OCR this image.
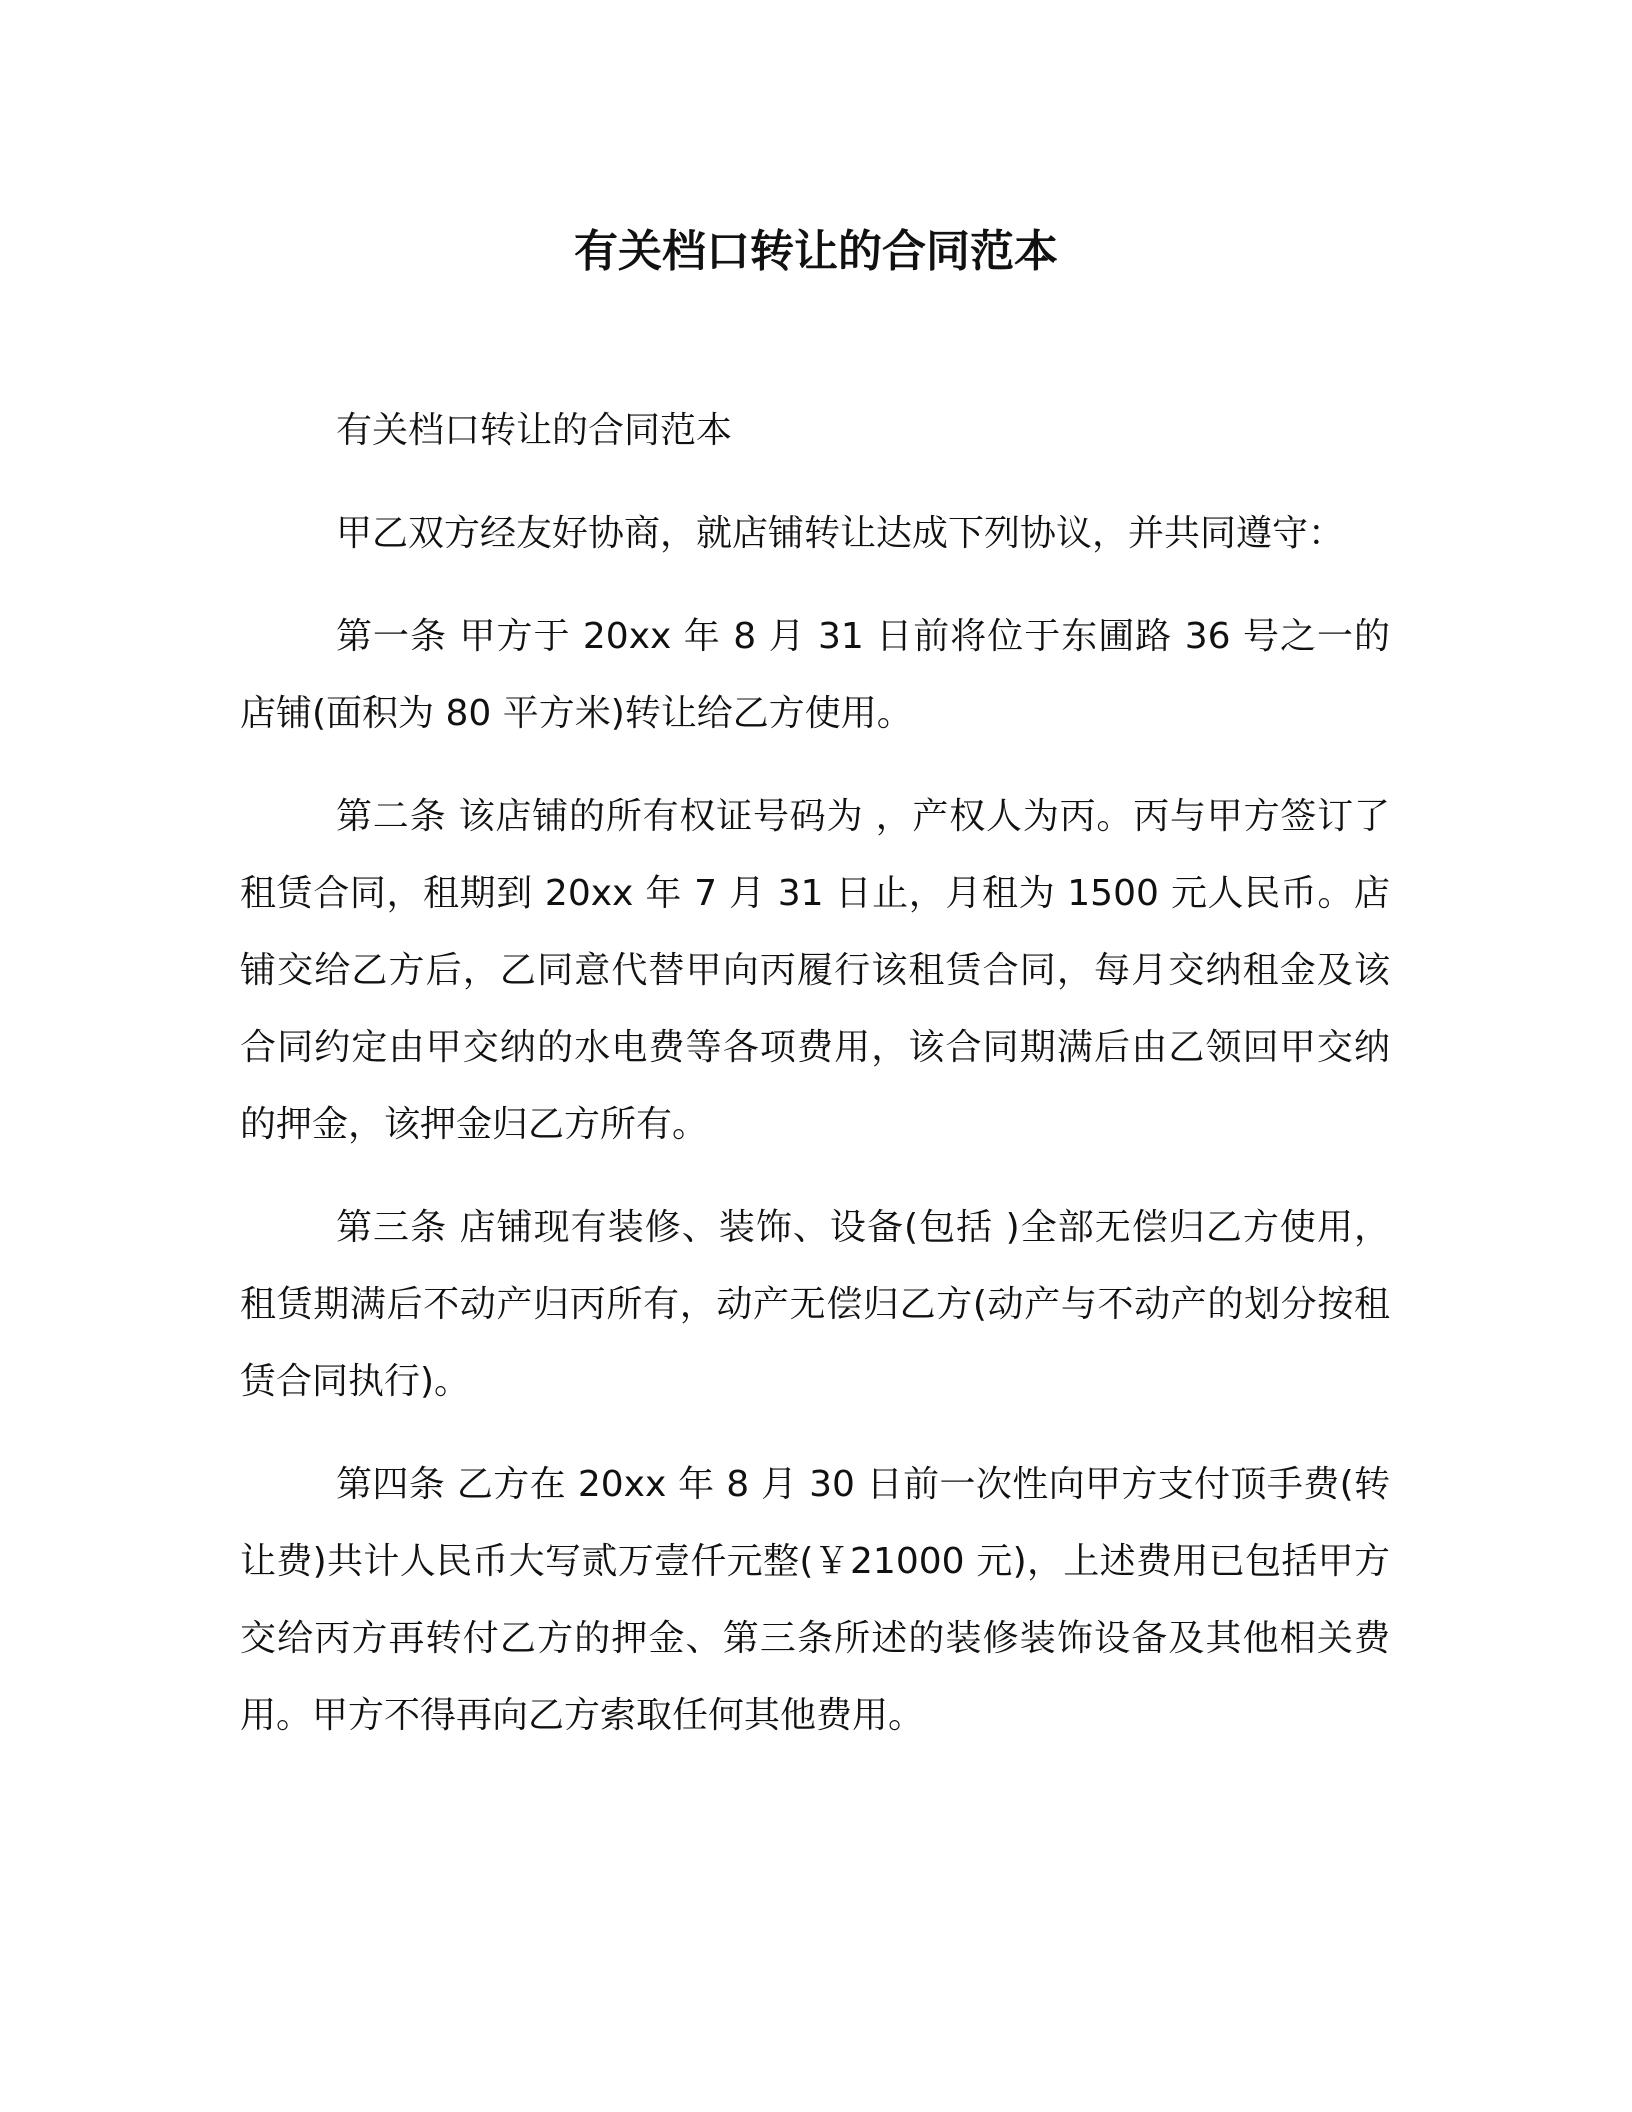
有关档口转让的合同范本

有关档口转让的合同范本

甲乙双方经友好协商，就店铺转让达成下列协议，并共同遵守：

第一条 甲方于 20xx 年 8 月 31 日前将位于东圃路 36 号之一的店铺(面积为 80 平方米)转让给乙方使用。

第二条 该店铺的所有权证号码为 ，产权人为丙。丙与甲方签订了租赁合同，租期到 20xx 年 7 月 31 日止，月租为 1500 元人民币。店铺交给乙方后，乙同意代替甲向丙履行该租赁合同，每月交纳租金及该合同约定由甲交纳的水电费等各项费用，该合同期满后由乙领回甲交纳的押金，该押金归乙方所有。

第三条 店铺现有装修、装饰、设备(包括 )全部无偿归乙方使用，租赁期满后不动产归丙所有，动产无偿归乙方(动产与不动产的划分按租赁合同执行)。

第四条 乙方在 20xx 年 8 月 30 日前一次性向甲方支付顶手费(转让费)共计人民币大写贰万壹仟元整(￥21000 元)，上述费用已包括甲方交给丙方再转付乙方的押金、第三条所述的装修装饰设备及其他相关费用。甲方不得再向乙方索取任何其他费用。
